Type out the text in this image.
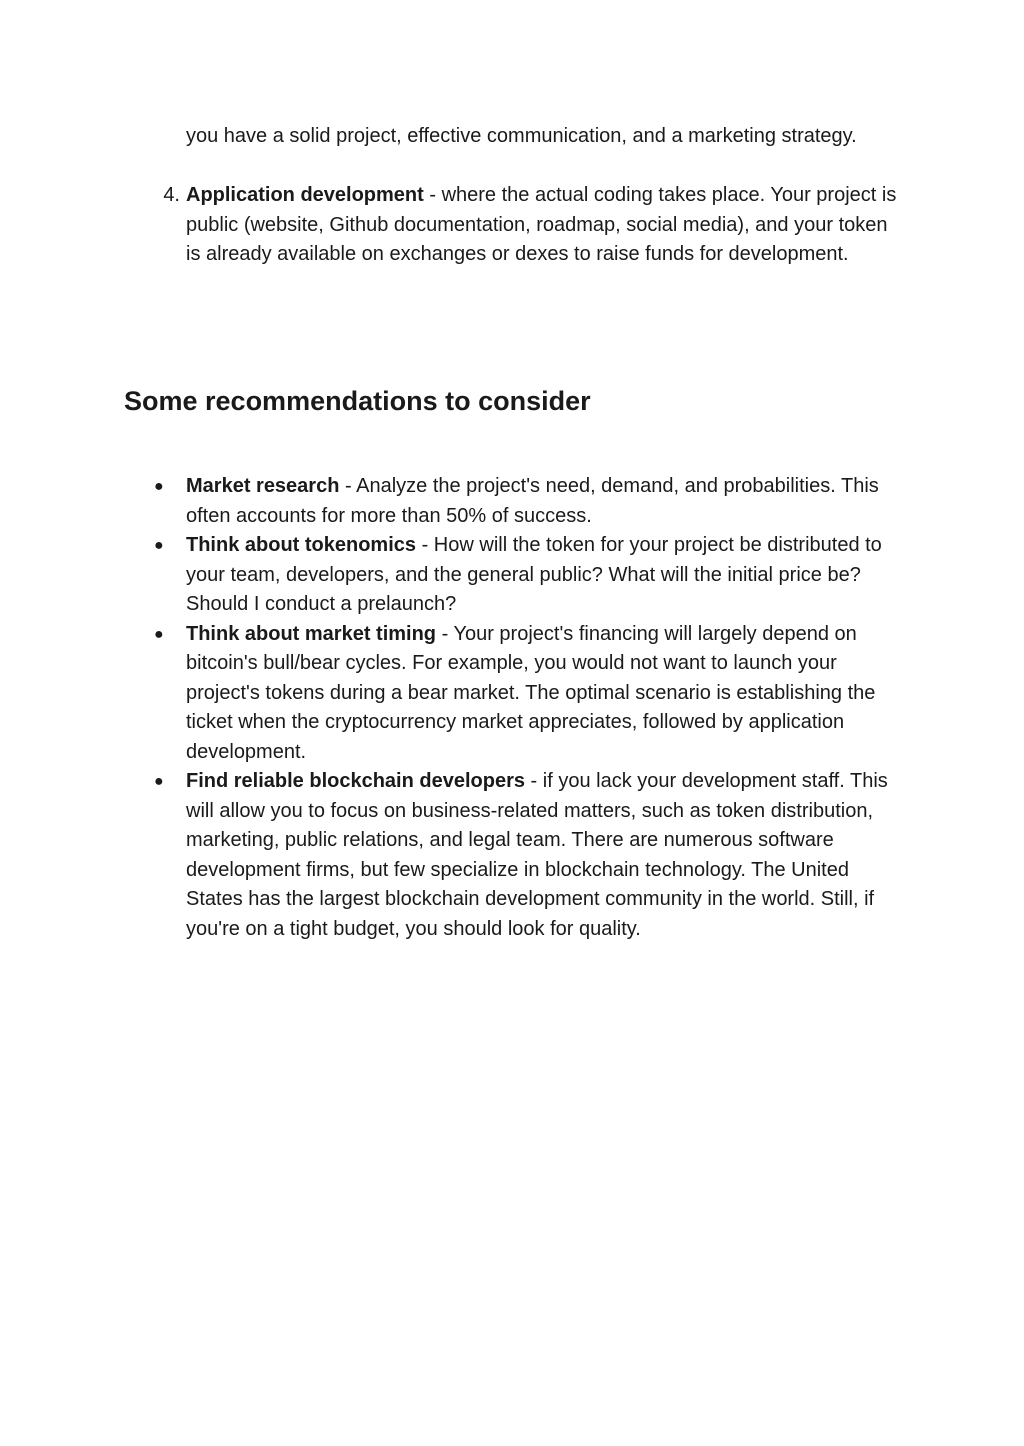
you have a solid project, effective communication, and a marketing strategy.
4. Application development - where the actual coding takes place. Your project is public (website, Github documentation, roadmap, social media), and your token is already available on exchanges or dexes to raise funds for development.
Some recommendations to consider
●	Market research - Analyze the project's need, demand, and probabilities. This often accounts for more than 50% of success.
●	Think about tokenomics - How will the token for your project be distributed to your team, developers, and the general public? What will the initial price be? Should I conduct a prelaunch?
●	Think about market timing - Your project's financing will largely depend on bitcoin's bull/bear cycles. For example, you would not want to launch your project's tokens during a bear market. The optimal scenario is establishing the ticket when the cryptocurrency market appreciates, followed by application development.
●	Find reliable blockchain developers - if you lack your development staff. This will allow you to focus on business-related matters, such as token distribution, marketing, public relations, and legal team. There are numerous software development firms, but few specialize in blockchain technology. The United States has the largest blockchain development community in the world. Still, if you're on a tight budget, you should look for quality.
